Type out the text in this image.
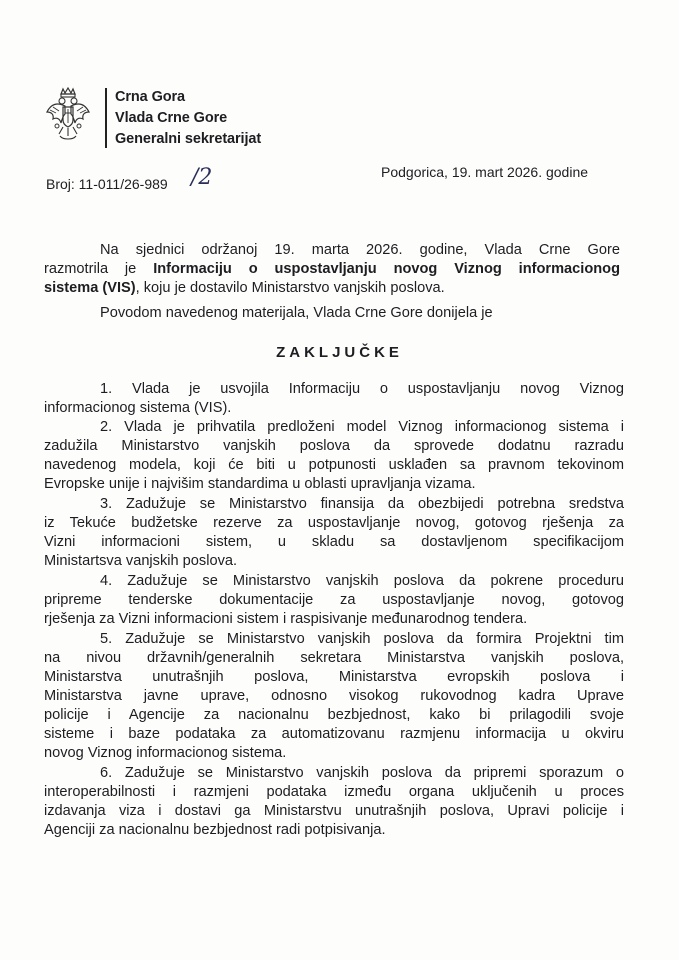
Crna Gora
Vlada Crne Gore
Generalni sekretarijat
Broj: 11-011/26-989 /2	Podgorica, 19. mart 2026. godine
Na sjednici održanoj 19. marta 2026. godine, Vlada Crne Gore
razmotrila je Informaciju o uspostavljanju novog Viznog informacionog
sistema (VIS), koju je dostavilo Ministarstvo vanjskih poslova.
Povodom navedenog materijala, Vlada Crne Gore donijela je
ZAKLJUČKE
1. Vlada je usvojila Informaciju o uspostavljanju novog Viznog
informacionog sistema (VIS).
2. Vlada je prihvatila predloženi model Viznog informacionog sistema i
zadužila Ministarstvo vanjskih poslova da sprovede dodatnu razradu
navedenog modela, koji će biti u potpunosti usklađen sa pravnom tekovinom
Evropske unije i najvišim standardima u oblasti upravljanja vizama.
3. Zadužuje se Ministarstvo finansija da obezbijedi potrebna sredstva
iz Tekuće budžetske rezerve za uspostavljanje novog, gotovog rješenja za
Vizni informacioni sistem, u skladu sa dostavljenom specifikacijom
Ministartsva vanjskih poslova.
4. Zadužuje se Ministarstvo vanjskih poslova da pokrene proceduru
pripreme tenderske dokumentacije za uspostavljanje novog, gotovog
rješenja za Vizni informacioni sistem i raspisivanje međunarodnog tendera.
5. Zadužuje se Ministarstvo vanjskih poslova da formira Projektni tim
na nivou državnih/generalnih sekretara Ministarstva vanjskih poslova,
Ministarstva unutrašnjih poslova, Ministarstva evropskih poslova i
Ministarstva javne uprave, odnosno visokog rukovodnog kadra Uprave
policije i Agencije za nacionalnu bezbjednost, kako bi prilagodili svoje
sisteme i baze podataka za automatizovanu razmjenu informacija u okviru
novog Viznog informacionog sistema.
6. Zadužuje se Ministarstvo vanjskih poslova da pripremi sporazum o
interoperabilnosti i razmjeni podataka između organa uključenih u proces
izdavanja viza i dostavi ga Ministarstvu unutrašnjih poslova, Upravi policije i
Agenciji za nacionalnu bezbjednost radi potpisivanja.
